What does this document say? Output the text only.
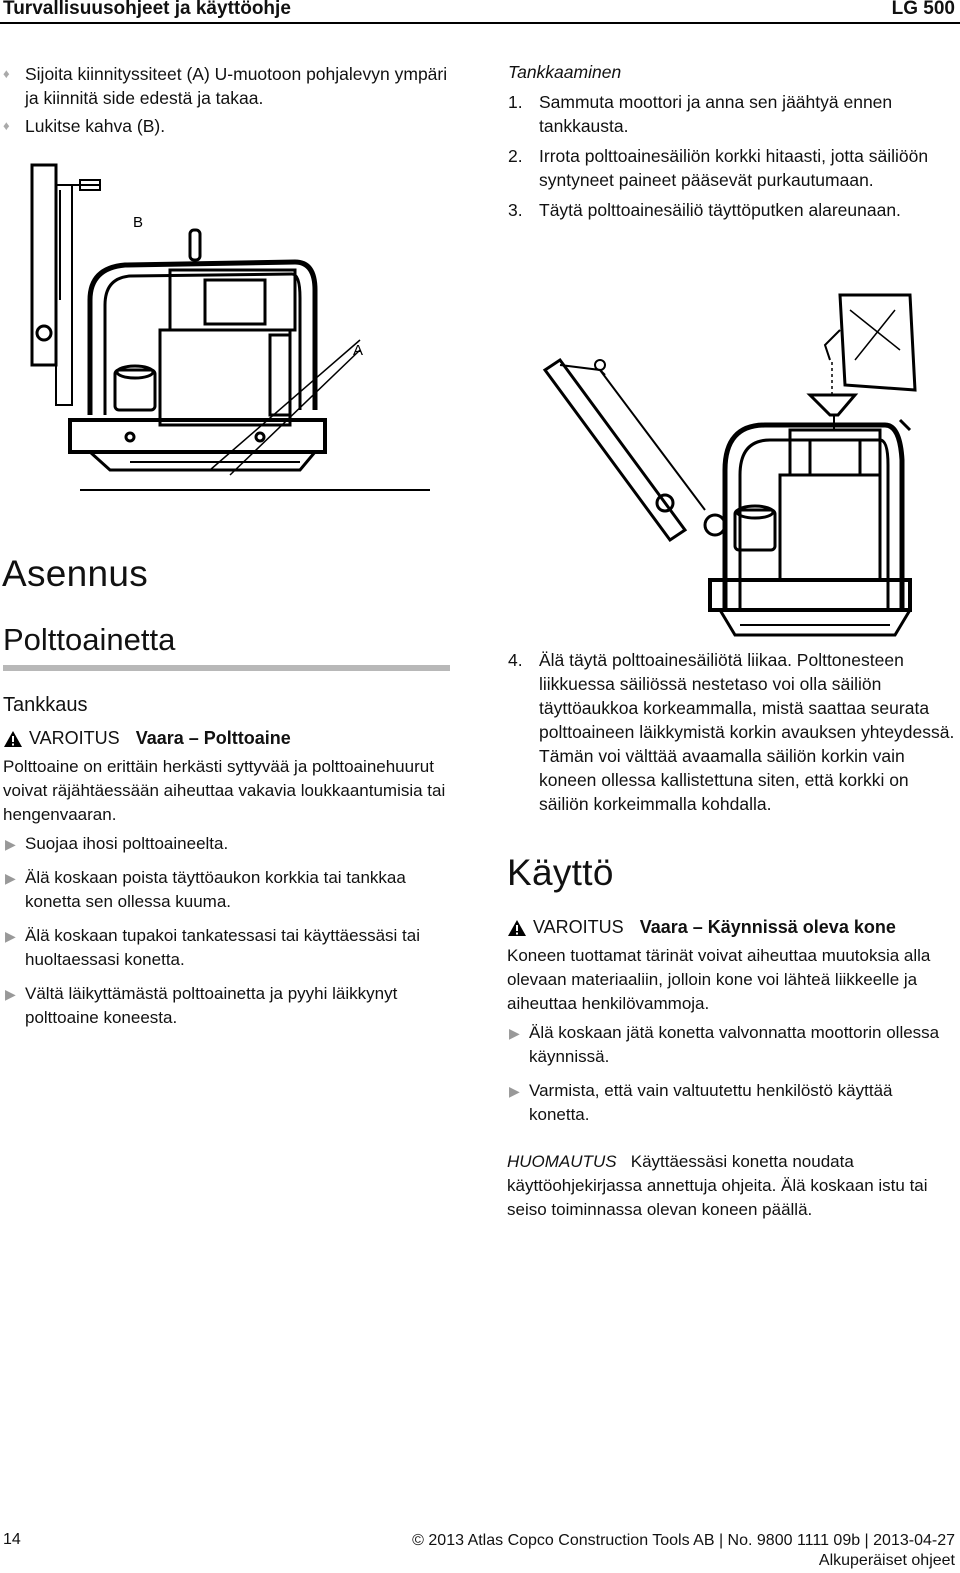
Turvallisuusohjeet ja käyttöohje	LG 500
♦ Sijoita kiinnityssiteet (A) U-muotoon pohjalevyn ympäri ja kiinnitä side edestä ja takaa.
♦ Lukitse kahva (B).
B
A
Tankkaaminen
1. Sammuta moottori ja anna sen jäähtyä ennen tankkausta.
2. Irrota polttoainesäiliön korkki hitaasti, jotta säiliöön syntyneet paineet pääsevät purkautumaan.
3. Täytä polttoainesäiliö täyttöputken alareunaan.
Asennus
Polttoainetta
Tankkaus
VAROITUS Vaara – Polttoaine
Polttoaine on erittäin herkästi syttyvää ja polttoainehuurut voivat räjähtäessään aiheuttaa vakavia loukkaantumisia tai hengenvaaran.
▶ Suojaa ihosi polttoaineelta.
▶ Älä koskaan poista täyttöaukon korkkia tai tankkaa konetta sen ollessa kuuma.
▶ Älä koskaan tupakoi tankatessasi tai käyttäessäsi tai huoltaessasi konetta.
▶ Vältä läikyttämästä polttoainetta ja pyyhi läikkynyt polttoaine koneesta.
4. Älä täytä polttoainesäiliötä liikaa. Polttonesteen liikkuessa säiliössä nestetaso voi olla säiliön täyttöaukkoa korkeammalla, mistä saattaa seurata polttoaineen läikkymistä korkin avauksen yhteydessä. Tämän voi välttää avaamalla säiliön korkin vain koneen ollessa kallistettuna siten, että korkki on säiliön korkeimmalla kohdalla.
Käyttö
VAROITUS Vaara – Käynnissä oleva kone
Koneen tuottamat tärinät voivat aiheuttaa muutoksia alla olevaan materiaaliin, jolloin kone voi lähteä liikkeelle ja aiheuttaa henkilövammoja.
▶ Älä koskaan jätä konetta valvonnatta moottorin ollessa käynnissä.
▶ Varmista, että vain valtuutettu henkilöstö käyttää konetta.
HUOMAUTUS Käyttäessäsi konetta noudata käyttöohjekirjassa annettuja ohjeita. Älä koskaan istu tai seiso toiminnassa olevan koneen päällä.
14	© 2013 Atlas Copco Construction Tools AB | No. 9800 1111 09b | 2013-04-27
Alkuperäiset ohjeet
